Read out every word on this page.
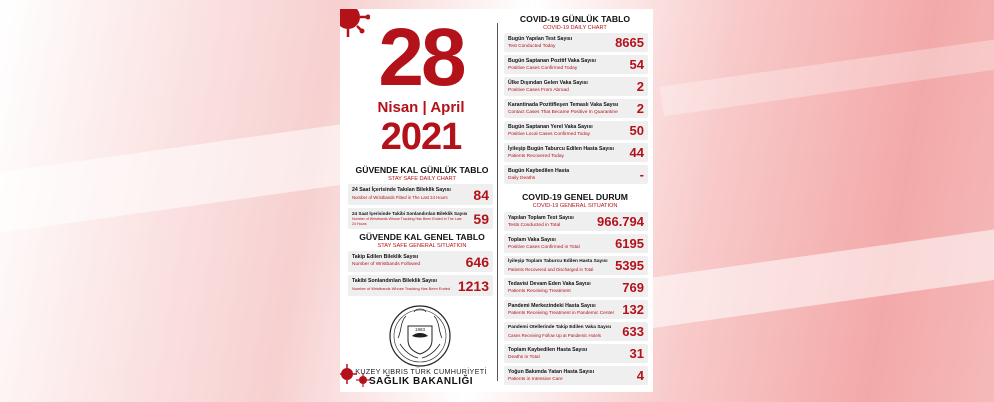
28
Nisan | April
2021
GÜVENDE KAL GÜNLÜK TABLO
STAY SAFE DAILY CHART
24 Saat İçerisinde Takılan Bileklik Sayısı
Number of Wristbands Fitted in The Last 24 Hours 84
24 Saat İçerisinde Takibi Sonlandırılan Bileklik Sayısı
Number of Wristbands Whose Tracking Has Been Ended In The Last 24 Hours	59
GÜVENDE KAL GENEL TABLO
STAY SAFE GENERAL SITUATION
Takip Edilen Bileklik Sayısı
Number of Wristbands Followed	646
Takibi Sonlandırılan Bileklik Sayısı
Number of Wristbands Whose Tracking Has Been Ended 1213
1983
KUZEY KIBRIS TÜRK CUMHURİYETİ
SAĞLIK BAKANLIĞI
COVID-19 GÜNLÜK TABLO
COVID-19 DAILY CHART
Bugün Yapılan Test Sayısı
Test Conducted Today	8665
Bugün Saptanan Pozitif Vaka Sayısı
Positive Cases Confirmed Today	54
Ülke Dışından Gelen Vaka Sayısı
Positive Cases From Abroad	2
Karantinada Pozitifleşen Temaslı Vaka Sayısı
Contact Cases That Became Positive In Quarantine 2
Bugün Saptanan Yerel Vaka Sayısı
Positive Local Cases Confirmed Today	50
İyileşip Bugün Taburcu Edilen Hasta Sayısı
Patients Recovered Today	44
Bugün Kaybedilen Hasta
Daily Deaths	-
COVID-19 GENEL DURUM
COVID-19 GENERAL SITUATION
Yapılan Toplam Test Sayısı
Tests Conducted in Total	966.794
Toplam Vaka Sayısı
Positive Cases Confirmed in Total	6195
İyileşip Toplam Taburcu Edilen Hasta Sayısı
Patients Recovered and Discharged in Total 5395
Tedavisi Devam Eden Vaka Sayısı
Patients Receiving Treatment	769
Pandemi Merkezindeki Hasta Sayısı
Patients Receiving Treatment in Pandemic Center 132
Pandemi Otellerinde Takip Edilen Vaka Sayısı
Cases Receiving Follow Up at Pandemic Hotels 633
Toplam Kaybedilen Hasta Sayısı
Deaths in Total	31
Yoğun Bakımda Yatan Hasta Sayısı
Patients in Intensive Care	4
